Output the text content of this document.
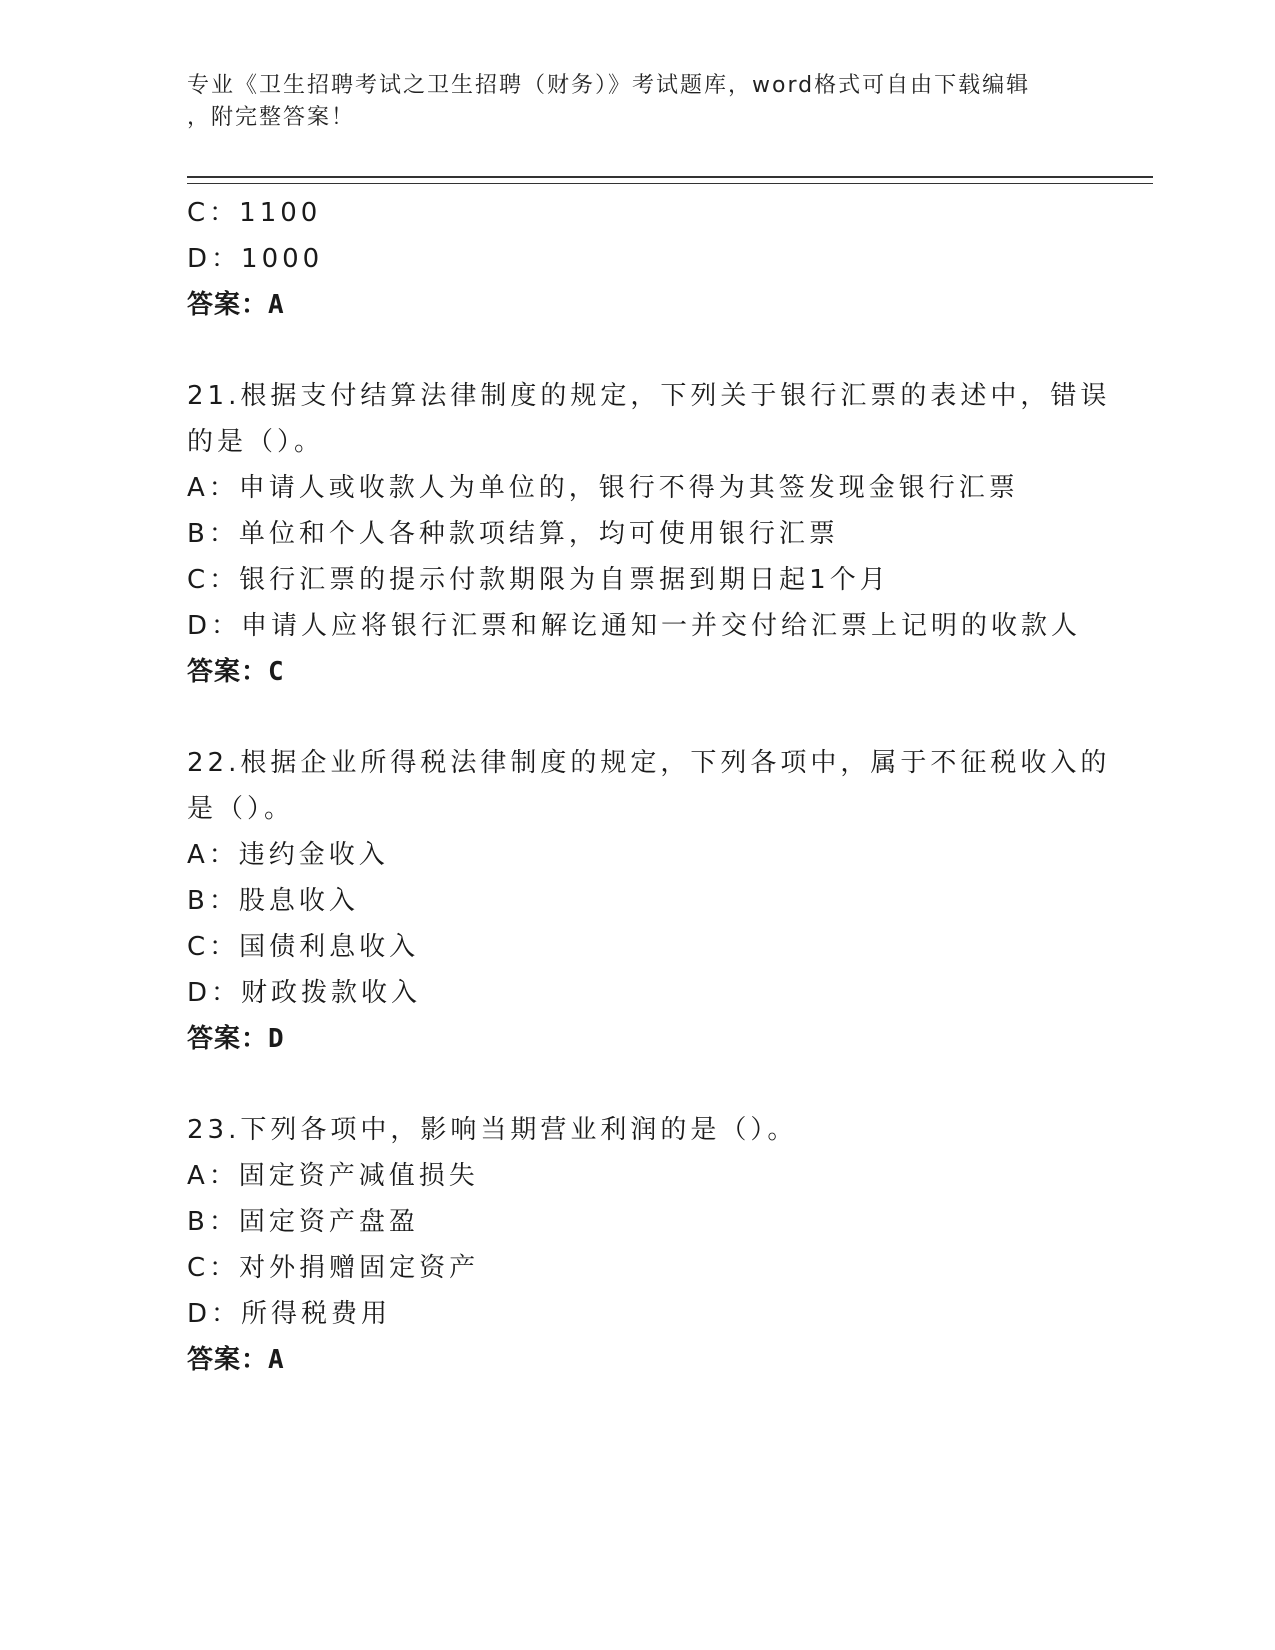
专业《卫生招聘考试之卫生招聘（财务）》考试题库，word格式可自由下载编辑
，附完整答案！
C：1100
D：1000
答案：A
21.根据支付结算法律制度的规定，下列关于银行汇票的表述中，错误
的是（）。
A：申请人或收款人为单位的，银行不得为其签发现金银行汇票
B：单位和个人各种款项结算，均可使用银行汇票
C：银行汇票的提示付款期限为自票据到期日起1个月
D：申请人应将银行汇票和解讫通知一并交付给汇票上记明的收款人
答案：C
22.根据企业所得税法律制度的规定，下列各项中，属于不征税收入的
是（）。
A：违约金收入
B：股息收入
C：国债利息收入
D：财政拨款收入
答案：D
23.下列各项中，影响当期营业利润的是（）。
A：固定资产减值损失
B：固定资产盘盈
C：对外捐赠固定资产
D：所得税费用
答案：A
